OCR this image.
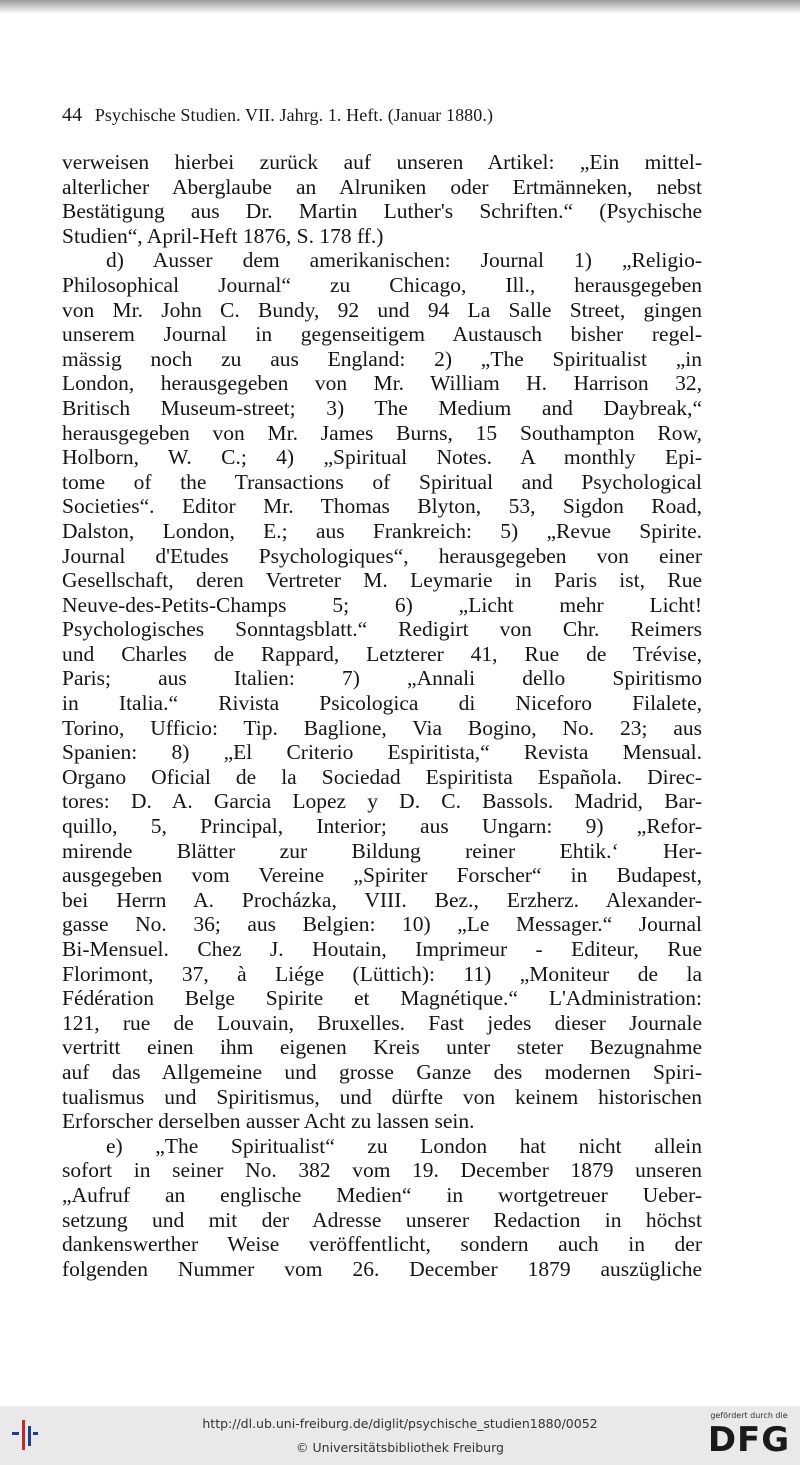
44 Psychische Studien. VII. Jahrg. 1. Heft. (Januar 1880.)
verweisen hierbei zurück auf unseren Artikel: „Ein mittel-
alterlicher Aberglaube an Alruniken oder Ertmänneken, nebst
Bestätigung aus Dr. Martin Luther's Schriften.“ (Psychische
Studien“, April-Heft 1876, S. 178 ff.)
d) Ausser dem amerikanischen: Journal 1) „Religio-
Philosophical Journal“ zu Chicago, Ill., herausgegeben
von Mr. John C. Bundy, 92 und 94 La Salle Street, gingen
unserem Journal in gegenseitigem Austausch bisher regel-
mässig noch zu aus England: 2) „The Spiritualist „in
London, herausgegeben von Mr. William H. Harrison 32,
Britisch Museum-street; 3) The Medium and Daybreak,“
herausgegeben von Mr. James Burns, 15 Southampton Row,
Holborn, W. C.; 4) „Spiritual Notes. A monthly Epi-
tome of the Transactions of Spiritual and Psychological
Societies“. Editor Mr. Thomas Blyton, 53, Sigdon Road,
Dalston, London, E.; aus Frankreich: 5) „Revue Spirite.
Journal d'Etudes Psychologiques“, herausgegeben von einer
Gesellschaft, deren Vertreter M. Leymarie in Paris ist, Rue
Neuve-des-Petits-Champs 5; 6) „Licht mehr Licht!
Psychologisches Sonntagsblatt.“ Redigirt von Chr. Reimers
und Charles de Rappard, Letzterer 41, Rue de Trévise,
Paris; aus Italien: 7) „Annali dello Spiritismo
in Italia.“ Rivista Psicologica di Niceforo Filalete,
Torino, Ufficio: Tip. Baglione, Via Bogino, No. 23; aus
Spanien: 8) „El Criterio Espiritista,“ Revista Mensual.
Organo Oficial de la Sociedad Espiritista Española. Direc-
tores: D. A. Garcia Lopez y D. C. Bassols. Madrid, Bar-
quillo, 5, Principal, Interior; aus Ungarn: 9) „Refor-
mirende Blätter zur Bildung reiner Ehtik.‘ Her-
ausgegeben vom Vereine „Spiriter Forscher“ in Budapest,
bei Herrn A. Procházka, VIII. Bez., Erzherz. Alexander-
gasse No. 36; aus Belgien: 10) „Le Messager.“ Journal
Bi-Mensuel. Chez J. Houtain, Imprimeur - Editeur, Rue
Florimont, 37, à Liége (Lüttich): 11) „Moniteur de la
Fédération Belge Spirite et Magnétique.“ L'Administration:
121, rue de Louvain, Bruxelles. Fast jedes dieser Journale
vertritt einen ihm eigenen Kreis unter steter Bezugnahme
auf das Allgemeine und grosse Ganze des modernen Spiri-
tualismus und Spiritismus, und dürfte von keinem historischen
Erforscher derselben ausser Acht zu lassen sein.
e) „The Spiritualist“ zu London hat nicht allein
sofort in seiner No. 382 vom 19. December 1879 unseren
„Aufruf an englische Medien“ in wortgetreuer Ueber-
setzung und mit der Adresse unserer Redaction in höchst
dankenswerther Weise veröffentlicht, sondern auch in der
folgenden Nummer vom 26. December 1879 auszügliche
http://dl.ub.uni-freiburg.de/diglit/psychische_studien1880/0052
© Universitätsbibliothek Freiburg
gefördert durch die
DFG
